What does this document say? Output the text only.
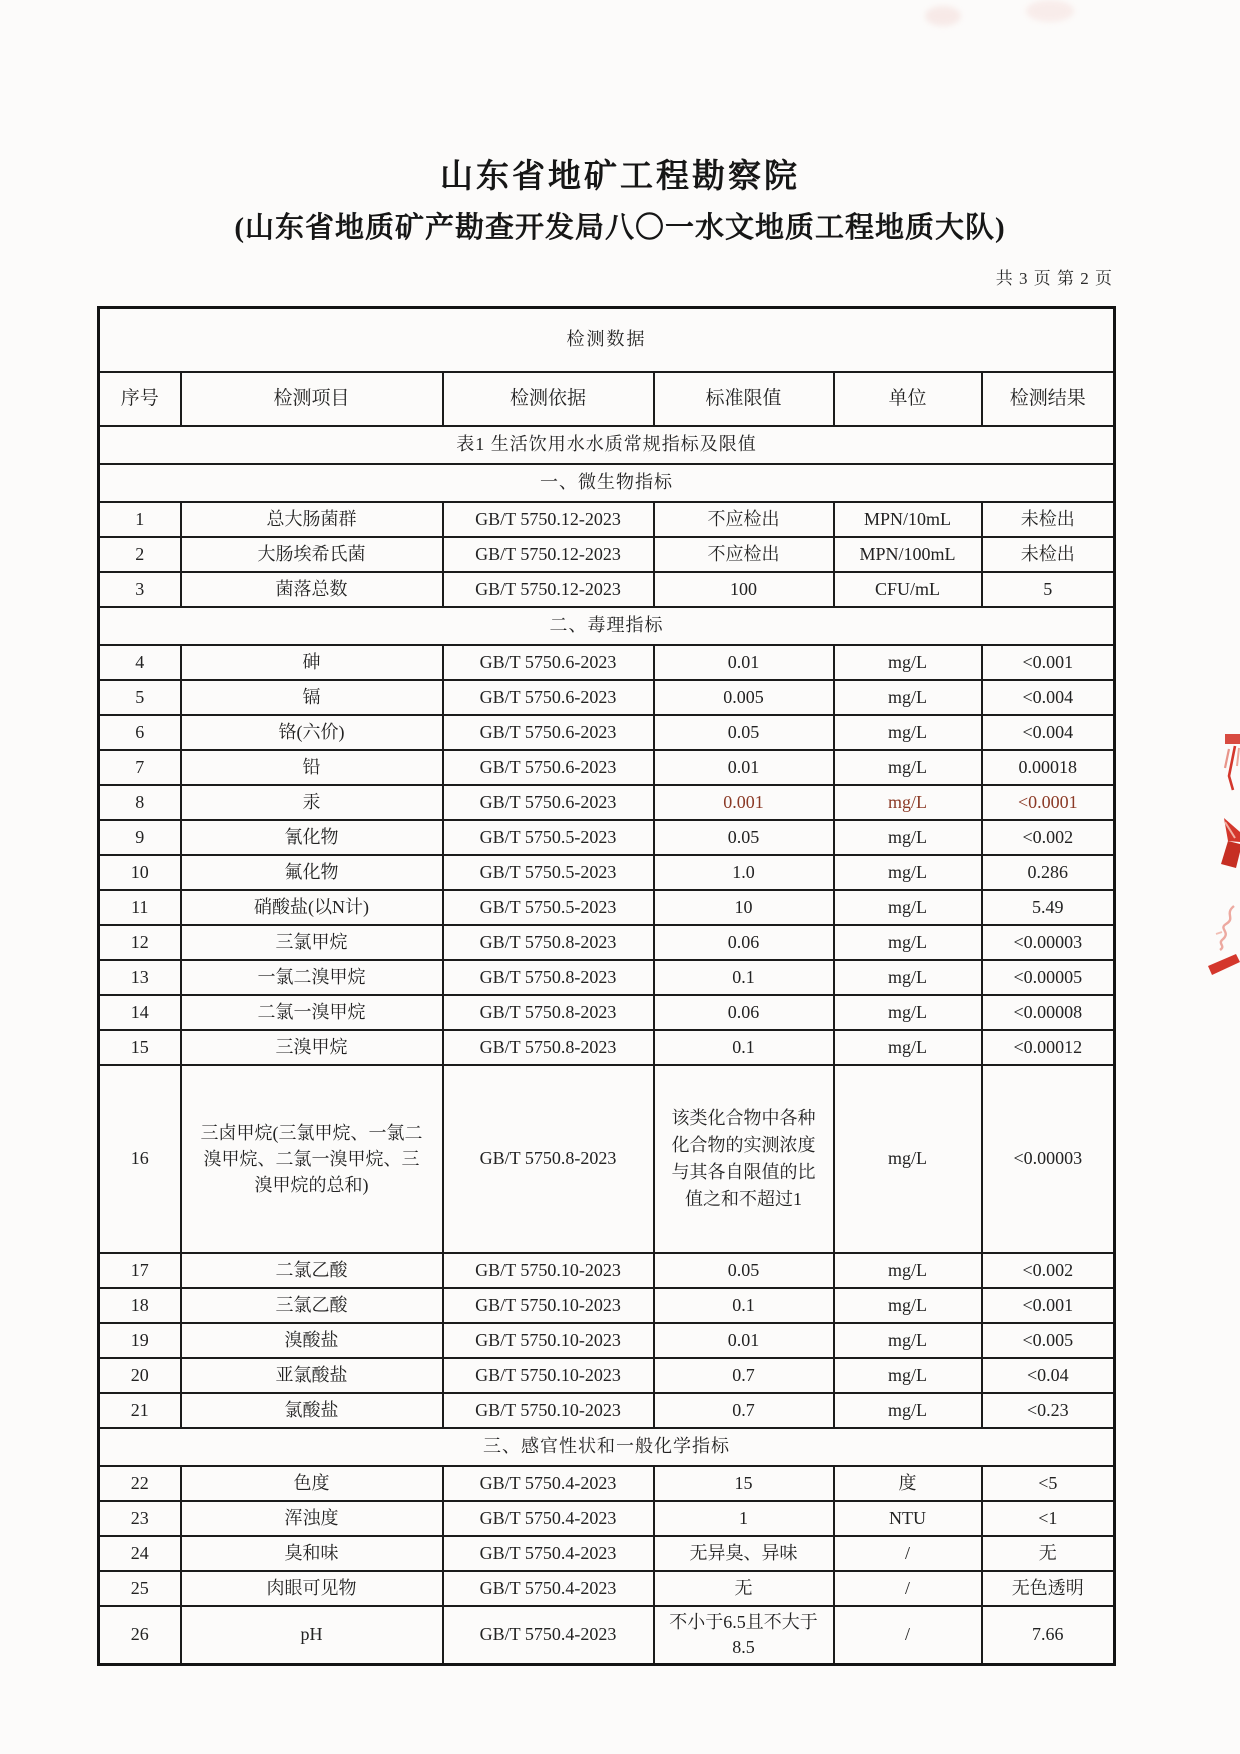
山东省地矿工程勘察院
(山东省地质矿产勘查开发局八〇一水文地质工程地质大队)
共 3 页 第 2 页
检测数据					
序号	检测项目	检测依据	标准限值	单位	检测结果
表1 生活饮用水水质常规指标及限值					
一、微生物指标					
1	总大肠菌群	GB/T 5750.12-2023	不应检出	MPN/10mL	未检出
2	大肠埃希氏菌	GB/T 5750.12-2023	不应检出	MPN/100mL	未检出
3	菌落总数	GB/T 5750.12-2023	100	CFU/mL	5
二、毒理指标					
4	砷	GB/T 5750.6-2023	0.01	mg/L	<0.001
5	镉	GB/T 5750.6-2023	0.005	mg/L	<0.004
6	铬(六价)	GB/T 5750.6-2023	0.05	mg/L	<0.004
7	铅	GB/T 5750.6-2023	0.01	mg/L	0.00018
8	汞	GB/T 5750.6-2023	0.001	mg/L	<0.0001
9	氰化物	GB/T 5750.5-2023	0.05	mg/L	<0.002
10	氟化物	GB/T 5750.5-2023	1.0	mg/L	0.286
11	硝酸盐(以N计)	GB/T 5750.5-2023	10	mg/L	5.49
12	三氯甲烷	GB/T 5750.8-2023	0.06	mg/L	<0.00003
13	一氯二溴甲烷	GB/T 5750.8-2023	0.1	mg/L	<0.00005
14	二氯一溴甲烷	GB/T 5750.8-2023	0.06	mg/L	<0.00008
15	三溴甲烷	GB/T 5750.8-2023	0.1	mg/L	<0.00012
16	三卤甲烷(三氯甲烷、一氯二溴甲烷、二氯一溴甲烷、三溴甲烷的总和)	GB/T 5750.8-2023	该类化合物中各种化合物的实测浓度与其各自限值的比值之和不超过1	mg/L	<0.00003
17	二氯乙酸	GB/T 5750.10-2023	0.05	mg/L	<0.002
18	三氯乙酸	GB/T 5750.10-2023	0.1	mg/L	<0.001
19	溴酸盐	GB/T 5750.10-2023	0.01	mg/L	<0.005
20	亚氯酸盐	GB/T 5750.10-2023	0.7	mg/L	<0.04
21	氯酸盐	GB/T 5750.10-2023	0.7	mg/L	<0.23
三、感官性状和一般化学指标					
22	色度	GB/T 5750.4-2023	15	度	<5
23	浑浊度	GB/T 5750.4-2023	1	NTU	<1
24	臭和味	GB/T 5750.4-2023	无异臭、异味	/	无
25	肉眼可见物	GB/T 5750.4-2023	无	/	无色透明
26	pH	GB/T 5750.4-2023	不小于6.5且不大于8.5	/	7.66
